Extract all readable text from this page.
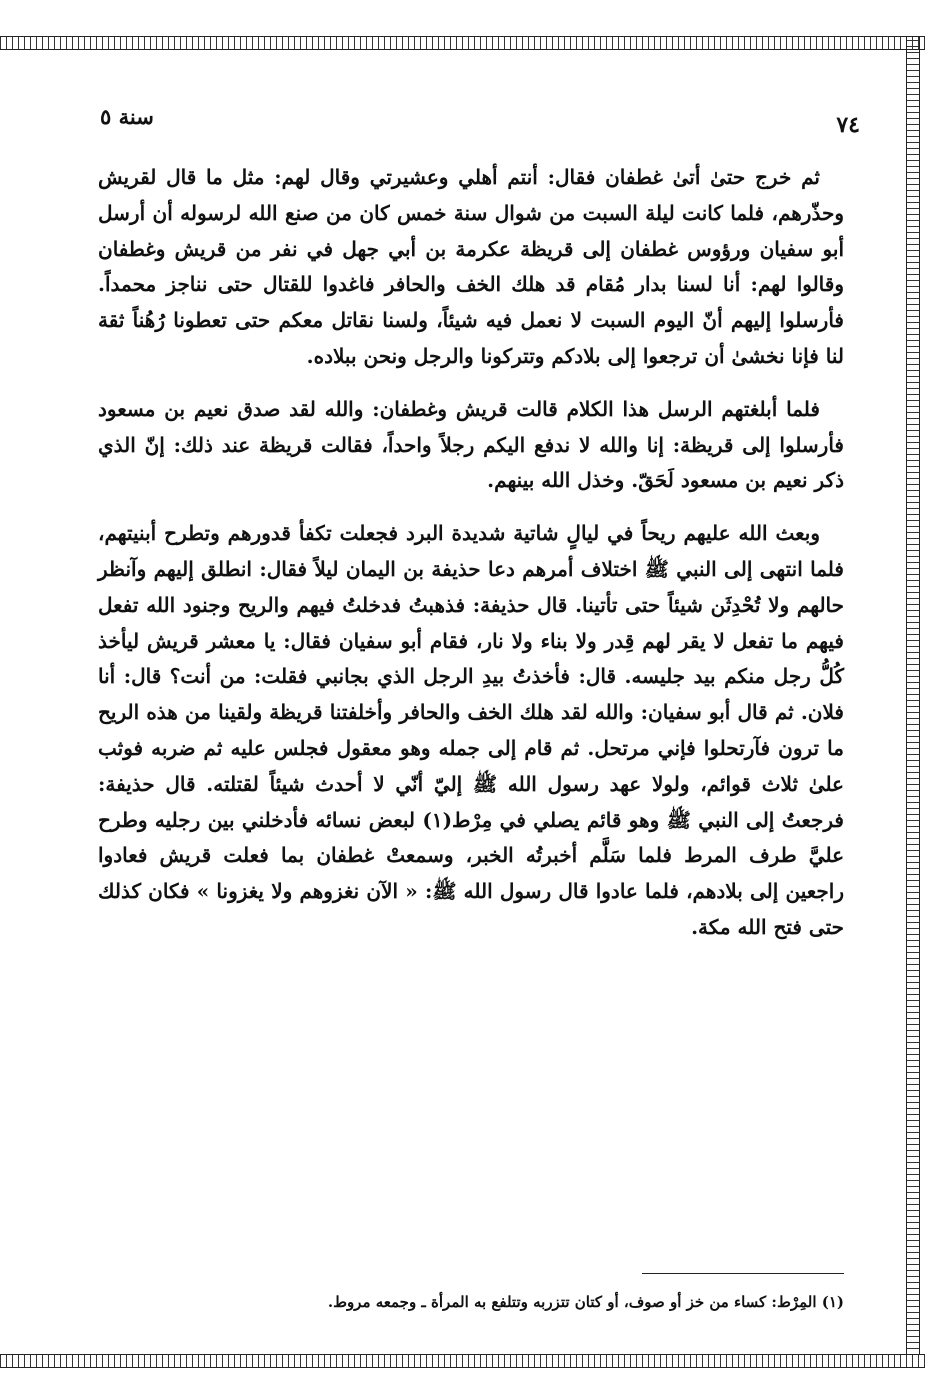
٧٤
سنة ٥

ثم خرج حتىٰ أتىٰ غطفان فقال: أنتم أهلي وعشيرتي وقال لهم: مثل ما قال لقريش وحذّرهم، فلما كانت ليلة السبت من شوال سنة خمس كان من صنع الله لرسوله أن أرسل أبو سفيان ورؤوس غطفان إلى قريظة عكرمة بن أبي جهل في نفر من قريش وغطفان وقالوا لهم: أنا لسنا بدار مُقام قد هلك الخف والحافر فاغدوا للقتال حتى نناجز محمداً. فأرسلوا إليهم أنّ اليوم السبت لا نعمل فيه شيئاً، ولسنا نقاتل معكم حتى تعطونا رُهُناً ثقة لنا فإنا نخشىٰ أن ترجعوا إلى بلادكم وتتركونا والرجل ونحن ببلاده.

فلما أبلغتهم الرسل هذا الكلام قالت قريش وغطفان: والله لقد صدق نعيم بن مسعود فأرسلوا إلى قريظة: إنا والله لا ندفع اليكم رجلاً واحداً، فقالت قريظة عند ذلك: إنّ الذي ذكر نعيم بن مسعود لَحَقّ. وخذل الله بينهم.

وبعث الله عليهم ريحاً في ليالٍ شاتية شديدة البرد فجعلت تكفأ قدورهم وتطرح أبنيتهم، فلما انتهى إلى النبي ﷺ اختلاف أمرهم دعا حذيفة بن اليمان ليلاً فقال: انطلق إليهم وآنظر حالهم ولا تُحْدِثَن شيئاً حتى تأتينا. قال حذيفة: فذهبتُ فدخلتُ فيهم والريح وجنود الله تفعل فيهم ما تفعل لا يقر لهم قِدر ولا بناء ولا نار، فقام أبو سفيان فقال: يا معشر قريش ليأخذ كُلُّ رجل منكم بيد جليسه. قال: فأخذتُ بيدِ الرجل الذي بجانبي فقلت: من أنت؟ قال: أنا فلان. ثم قال أبو سفيان: والله لقد هلك الخف والحافر وأخلفتنا قريظة ولقينا من هذه الريح ما ترون فآرتحلوا فإني مرتحل. ثم قام إلى جمله وهو معقول فجلس عليه ثم ضربه فوثب علىٰ ثلاث قوائم، ولولا عهد رسول الله ﷺ إليّ أنّي لا أحدث شيئاً لقتلته. قال حذيفة: فرجعتُ إلى النبي ﷺ وهو قائم يصلي في مِرْط(١) لبعض نسائه فأدخلني بين رجليه وطرح عليَّ طرف المرط فلما سَلَّم أخبرتُه الخبر، وسمعتْ غطفان بما فعلت قريش فعادوا راجعين إلى بلادهم، فلما عادوا قال رسول الله ﷺ: « الآن نغزوهم ولا يغزونا » فكان كذلك حتى فتح الله مكة.

(١) المِرْط: كساء من خز أو صوف، أو كتان تتزربه وتتلفع به المرأة ـ وجمعه مروط.
